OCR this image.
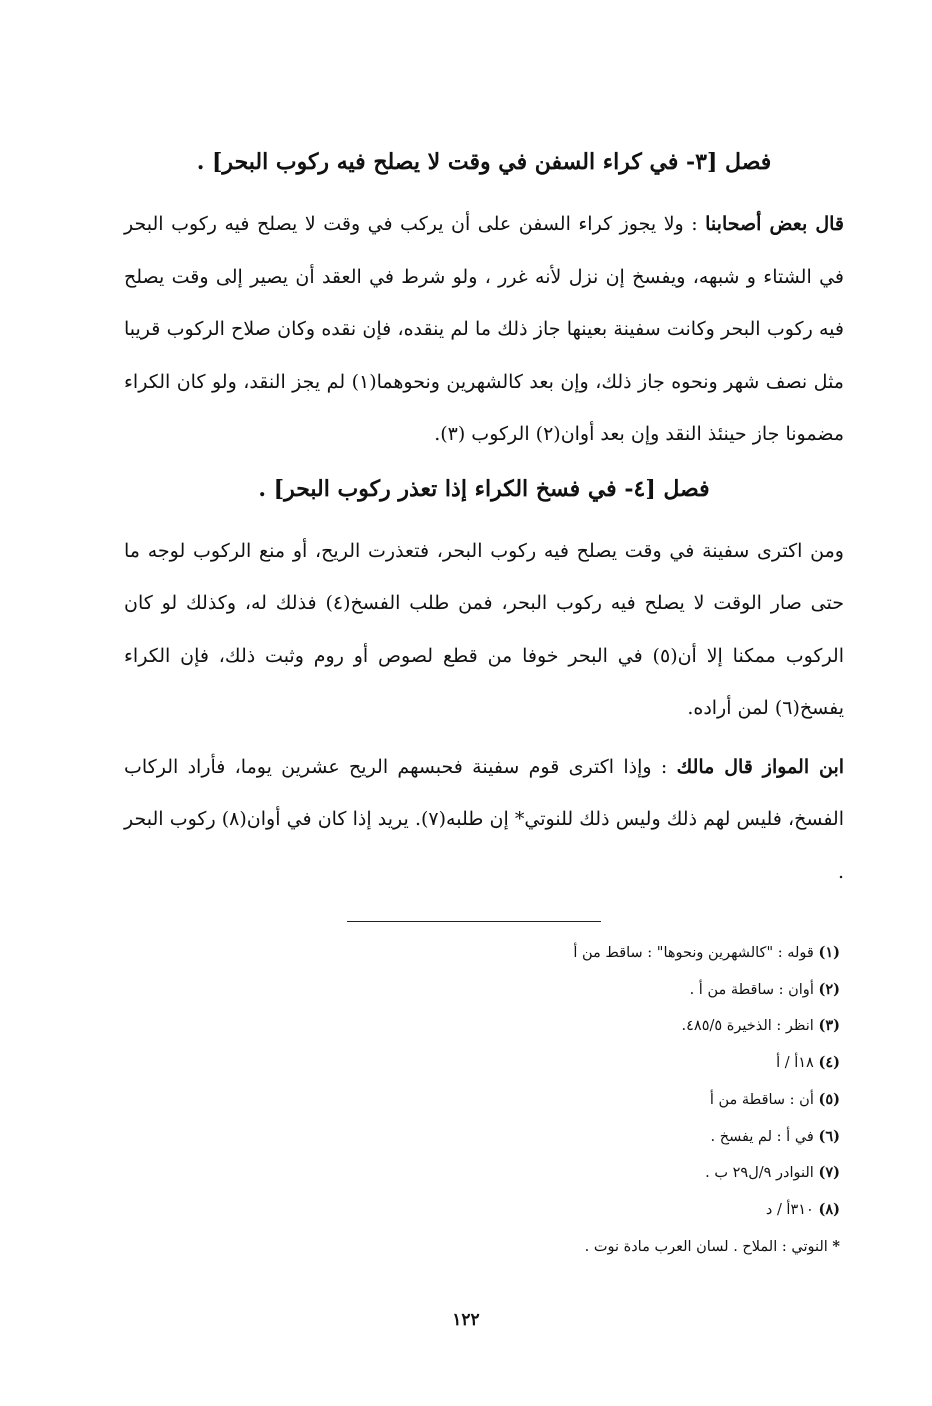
فصل [٣- في كراء السفن في وقت لا يصلح فيه ركوب البحر] .

قال بعض أصحابنا : ولا يجوز كراء السفن على أن يركب في وقت لا يصلح فيه ركوب البحر في الشتاء و شبهه، ويفسخ إن نزل لأنه غرر ، ولو شرط في العقد أن يصير إلى وقت يصلح فيه ركوب البحر وكانت سفينة بعينها جاز ذلك ما لم ينقده، فإن نقده وكان صلاح الركوب قريبا مثل نصف شهر ونحوه جاز ذلك، وإن بعد كالشهرين ونحوهما(١) لم يجز النقد، ولو كان الكراء مضمونا جاز حينئذ النقد وإن بعد أوان(٢) الركوب (٣).

فصل [٤- في فسخ الكراء إذا تعذر ركوب البحر] .

ومن اكترى سفينة في وقت يصلح فيه ركوب البحر، فتعذرت الريح، أو منع الركوب لوجه ما حتى صار الوقت لا يصلح فيه ركوب البحر، فمن طلب الفسخ(٤) فذلك له، وكذلك لو كان الركوب ممكنا إلا أن(٥) في البحر خوفا من قطع لصوص أو روم وثبت ذلك، فإن الكراء يفسخ(٦) لمن أراده.

ابن المواز قال مالك : وإذا اكترى قوم سفينة فحبسهم الريح عشرين يوما، فأراد الركاب الفسخ، فليس لهم ذلك وليس ذلك للنوتي* إن طلبه(٧). يريد إذا كان في أوان(٨) ركوب البحر .

(١) قوله : "كالشهرين ونحوها" : ساقط من أ
(٢) أوان : ساقطة من أ .
(٣) انظر : الذخيرة ٤٨٥/٥.
(٤) ١٨أ / أ
(٥) أن : ساقطة من أ
(٦) في أ : لم يفسخ .
(٧) النوادر ٩/ل٢٩ ب .
(٨) ٣١٠أ / د
* النوتي : الملاح . لسان العرب مادة نوت .
١٢٢
